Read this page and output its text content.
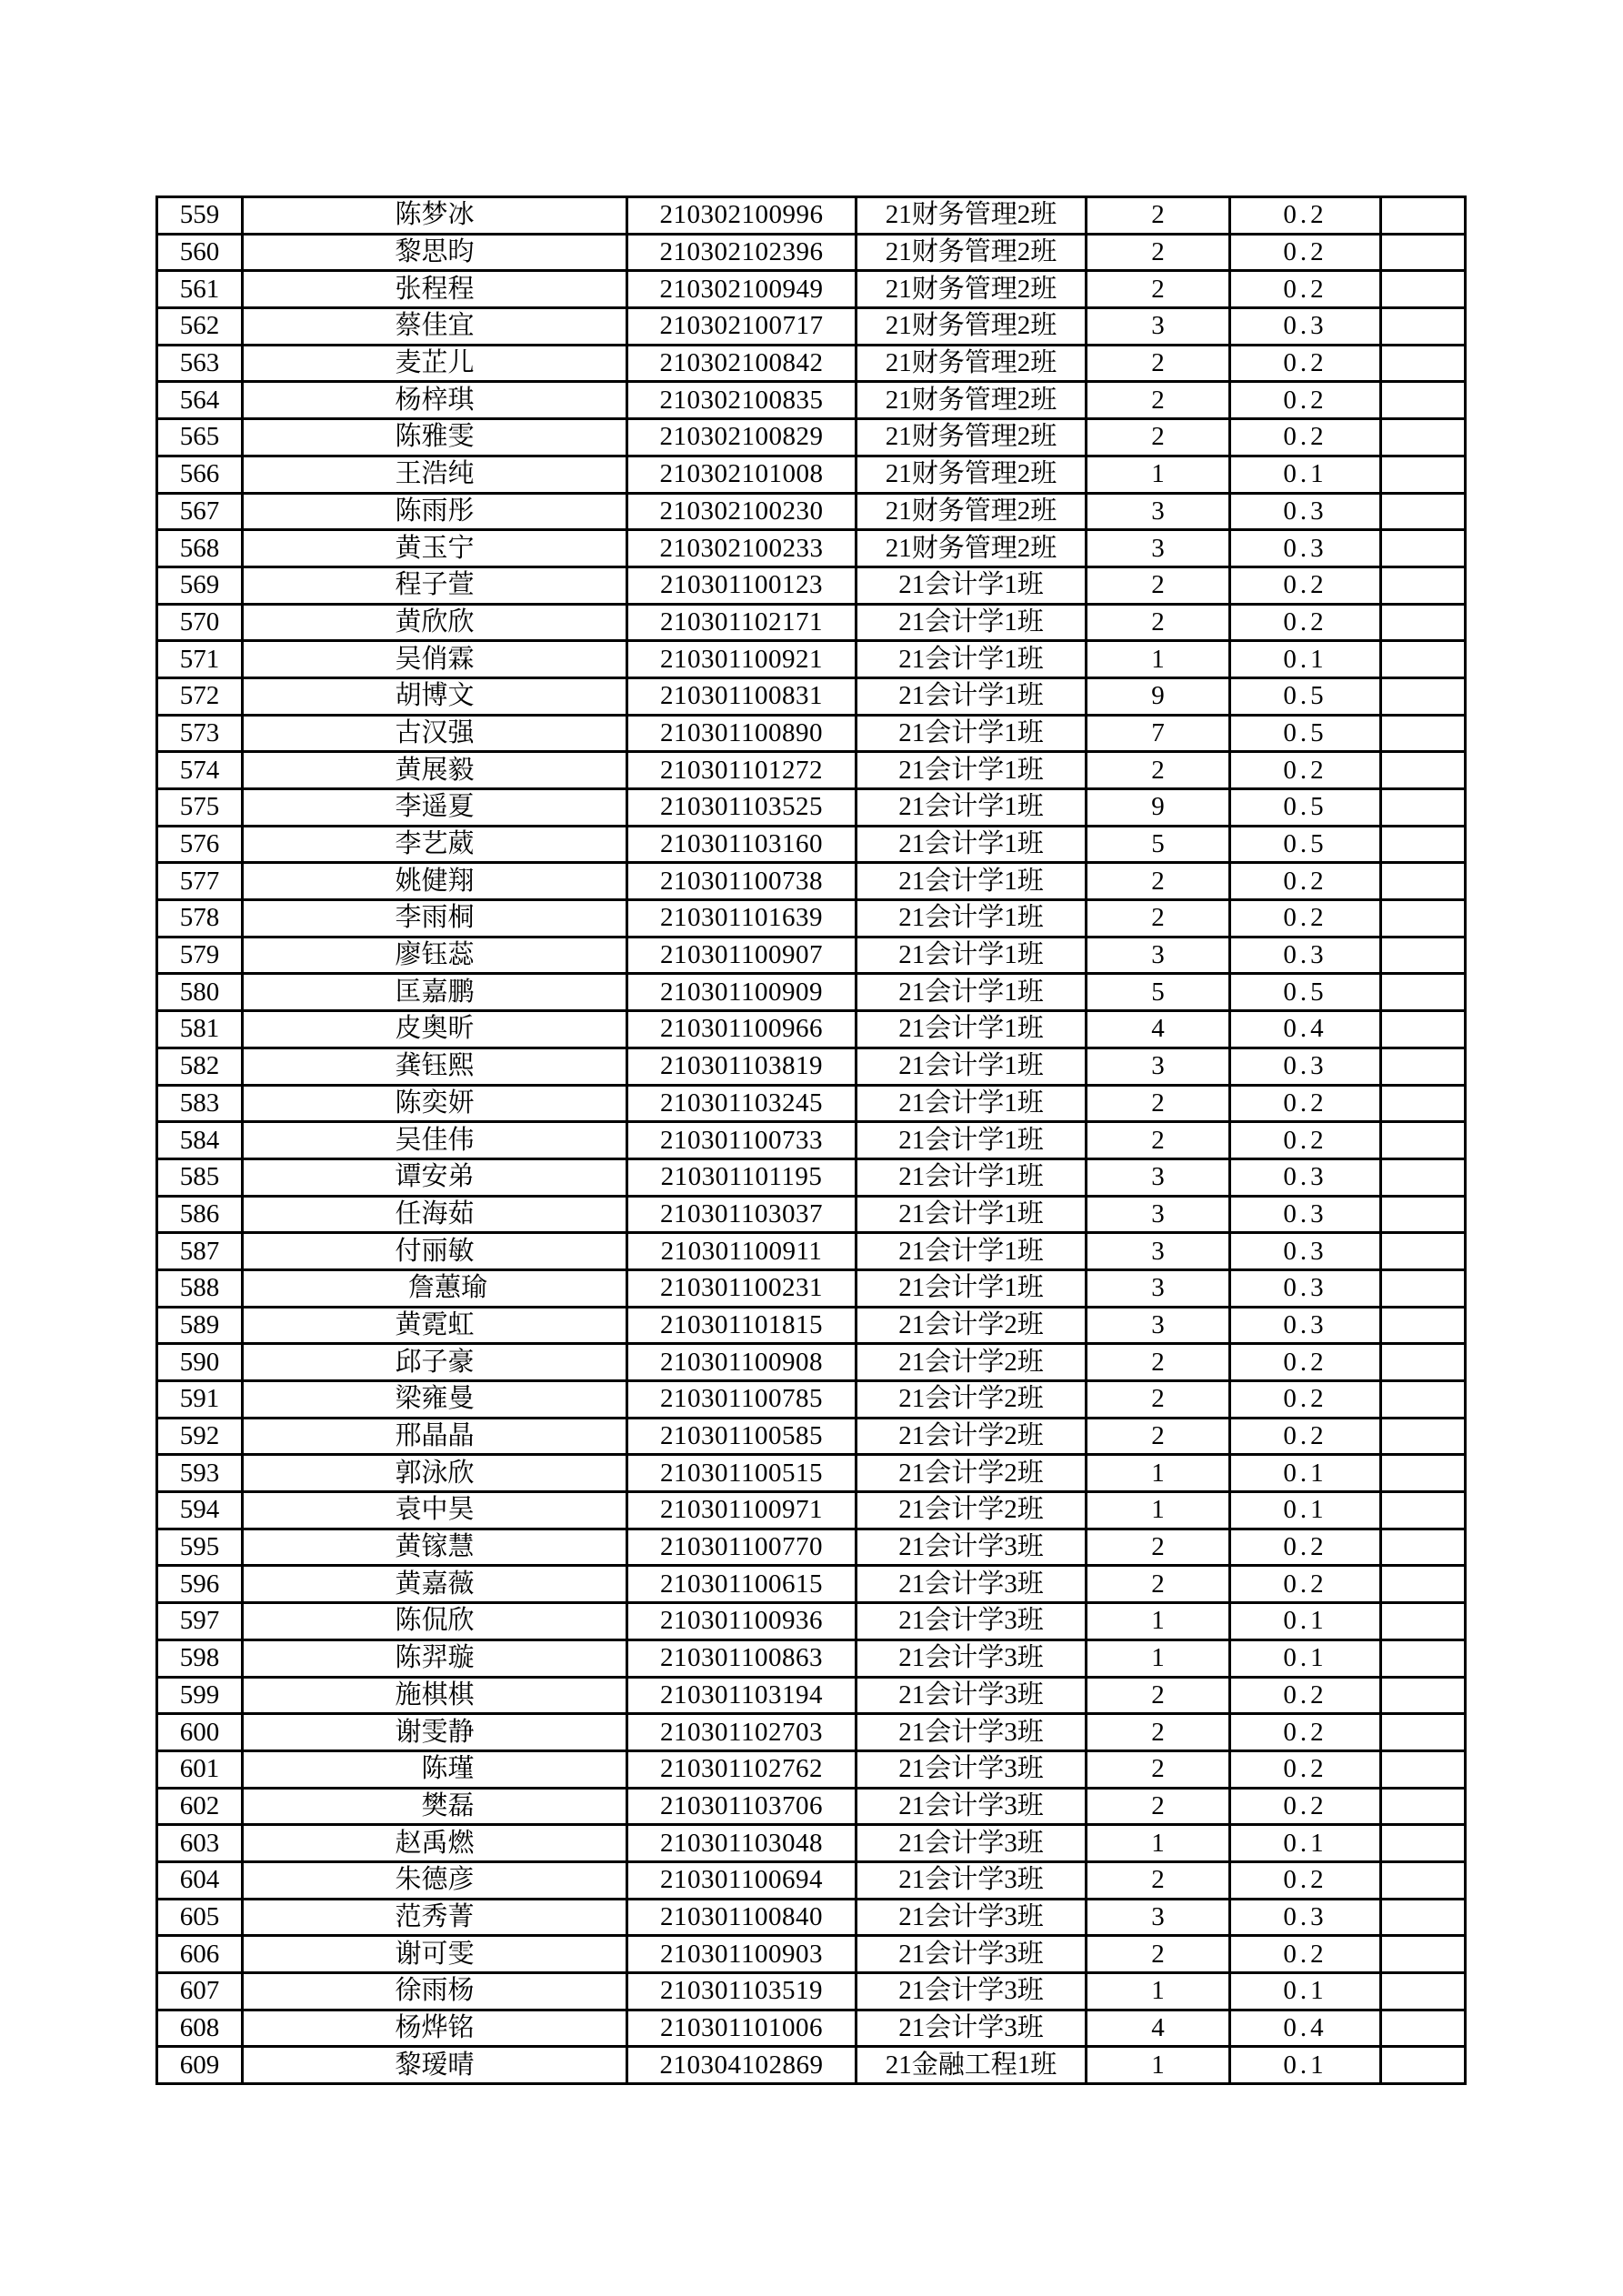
559	陈梦冰	210302100996	21财务管理2班	2	0.2	
560	黎思昀	210302102396	21财务管理2班	2	0.2	
561	张程程	210302100949	21财务管理2班	2	0.2	
562	蔡佳宜	210302100717	21财务管理2班	3	0.3	
563	麦芷儿	210302100842	21财务管理2班	2	0.2	
564	杨梓琪	210302100835	21财务管理2班	2	0.2	
565	陈雅雯	210302100829	21财务管理2班	2	0.2	
566	王浩纯	210302101008	21财务管理2班	1	0.1	
567	陈雨彤	210302100230	21财务管理2班	3	0.3	
568	黄玉宁	210302100233	21财务管理2班	3	0.3	
569	程子萱	210301100123	21会计学1班	2	0.2	
570	黄欣欣	210301102171	21会计学1班	2	0.2	
571	吴俏霖	210301100921	21会计学1班	1	0.1	
572	胡博文	210301100831	21会计学1班	9	0.5	
573	古汉强	210301100890	21会计学1班	7	0.5	
574	黄展毅	210301101272	21会计学1班	2	0.2	
575	李遥夏	210301103525	21会计学1班	9	0.5	
576	李艺葳	210301103160	21会计学1班	5	0.5	
577	姚健翔	210301100738	21会计学1班	2	0.2	
578	李雨桐	210301101639	21会计学1班	2	0.2	
579	廖钰蕊	210301100907	21会计学1班	3	0.3	
580	匡嘉鹏	210301100909	21会计学1班	5	0.5	
581	皮奥昕	210301100966	21会计学1班	4	0.4	
582	龚钰熙	210301103819	21会计学1班	3	0.3	
583	陈奕妍	210301103245	21会计学1班	2	0.2	
584	吴佳伟	210301100733	21会计学1班	2	0.2	
585	谭安弟	210301101195	21会计学1班	3	0.3	
586	任海茹	210301103037	21会计学1班	3	0.3	
587	付丽敏	210301100911	21会计学1班	3	0.3	
588	　詹蕙瑜	210301100231	21会计学1班	3	0.3	
589	黄霓虹	210301101815	21会计学2班	3	0.3	
590	邱子豪	210301100908	21会计学2班	2	0.2	
591	梁雍曼	210301100785	21会计学2班	2	0.2	
592	邢晶晶	210301100585	21会计学2班	2	0.2	
593	郭泳欣	210301100515	21会计学2班	1	0.1	
594	袁中昊	210301100971	21会计学2班	1	0.1	
595	黄镓慧	210301100770	21会计学3班	2	0.2	
596	黄嘉薇	210301100615	21会计学3班	2	0.2	
597	陈侃欣	210301100936	21会计学3班	1	0.1	
598	陈羿璇	210301100863	21会计学3班	1	0.1	
599	施棋棋	210301103194	21会计学3班	2	0.2	
600	谢雯静	210301102703	21会计学3班	2	0.2	
601	　陈瑾	210301102762	21会计学3班	2	0.2	
602	　樊磊	210301103706	21会计学3班	2	0.2	
603	赵禹燃	210301103048	21会计学3班	1	0.1	
604	朱德彦	210301100694	21会计学3班	2	0.2	
605	范秀菁	210301100840	21会计学3班	3	0.3	
606	谢可雯	210301100903	21会计学3班	2	0.2	
607	徐雨杨	210301103519	21会计学3班	1	0.1	
608	杨烨铭	210301101006	21会计学3班	4	0.4	
609	黎瑷晴	210304102869	21金融工程1班	1	0.1	
